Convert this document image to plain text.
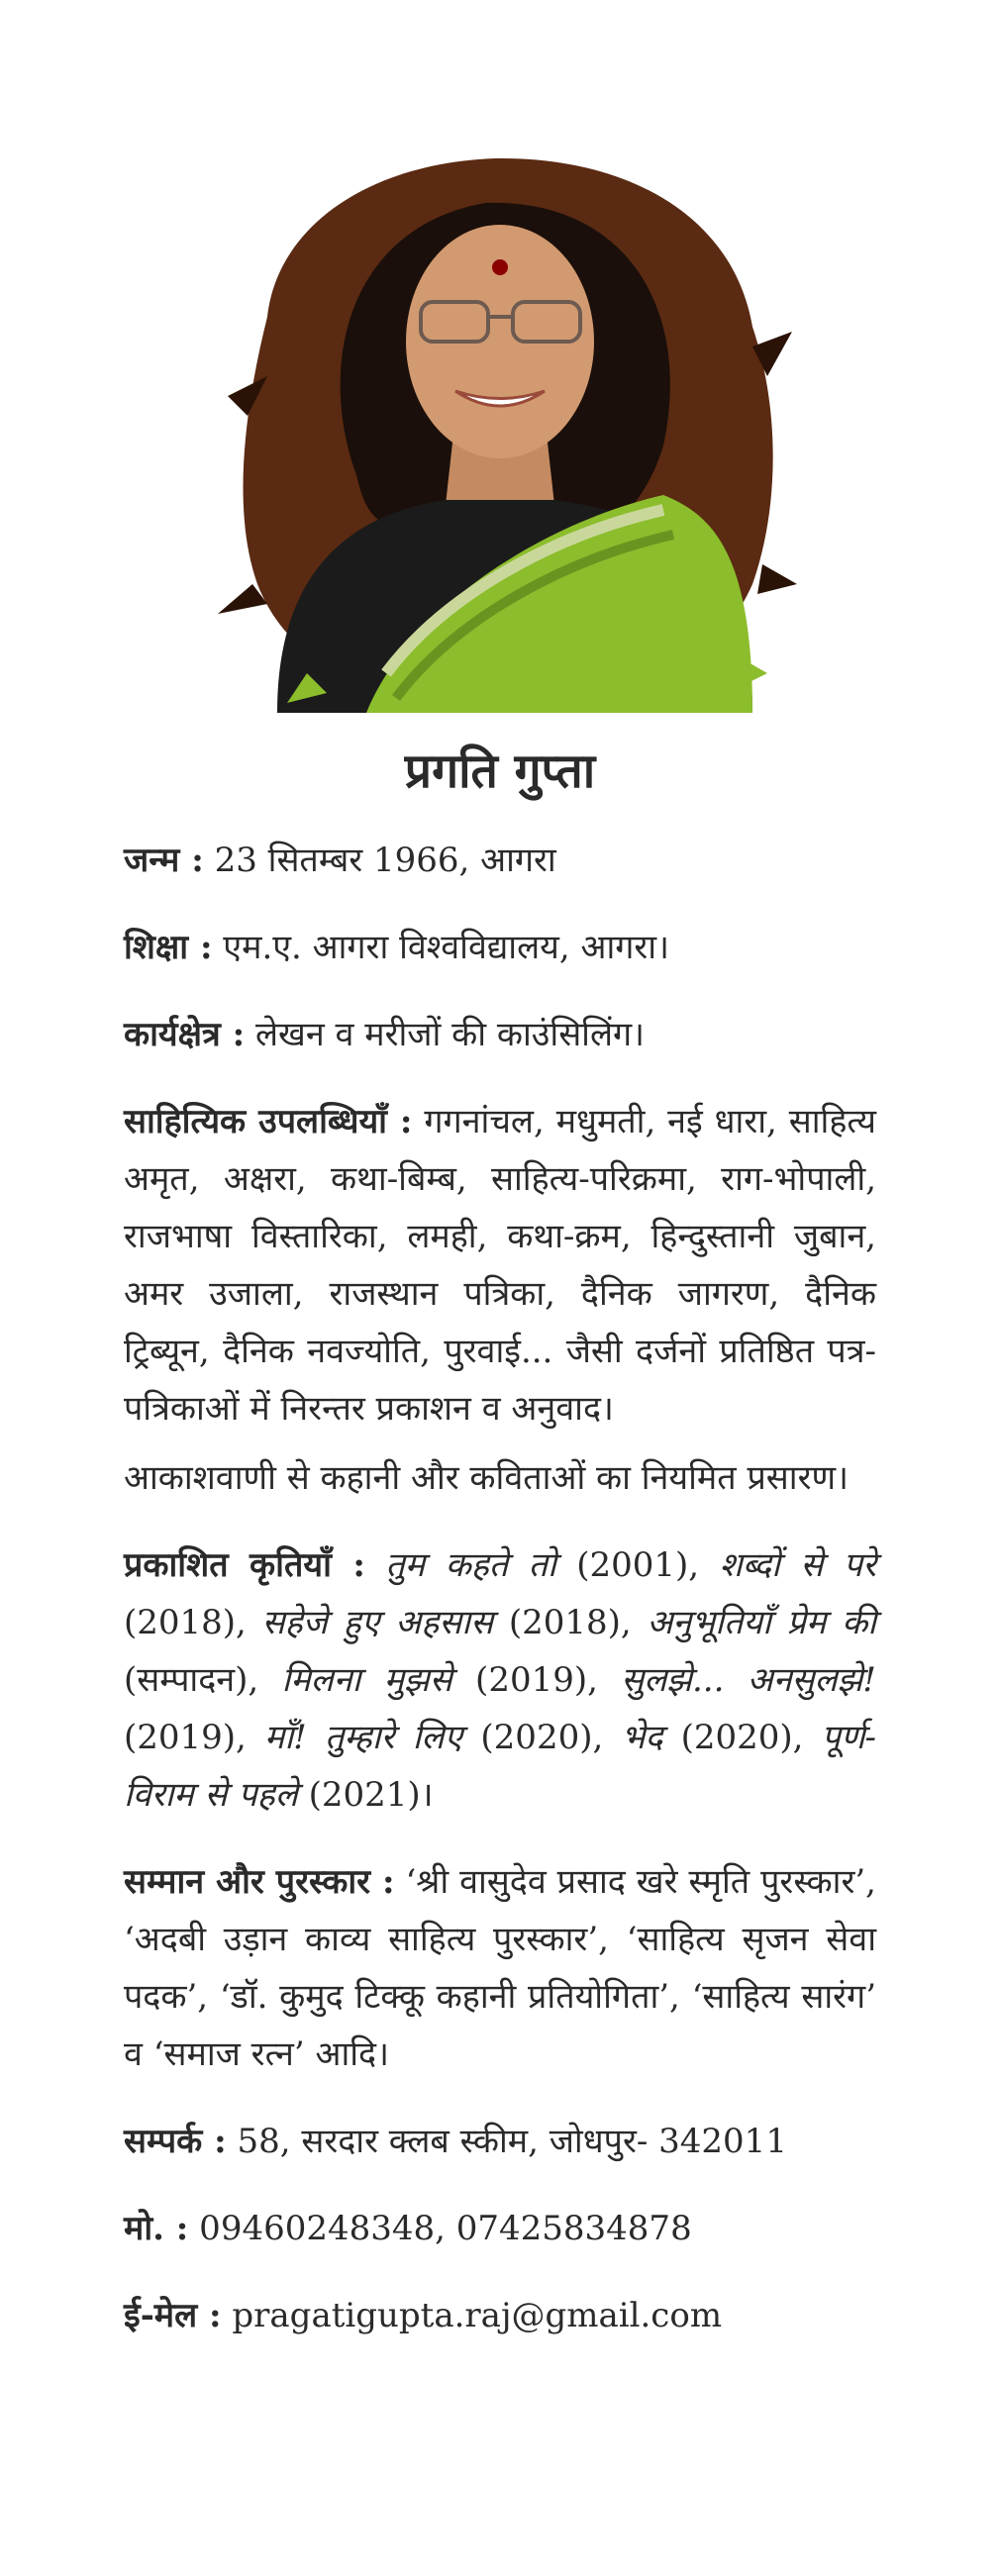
प्रगति गुप्ता

जन्म : 23 सितम्बर 1966, आगरा

शिक्षा : एम.ए. आगरा विश्वविद्यालय, आगरा।

कार्यक्षेत्र : लेखन व मरीजों की काउंसिलिंग।

साहित्यिक उपलब्धियाँ : गगनांचल, मधुमती, नई धारा, साहित्य अमृत, अक्षरा, कथा-बिम्ब, साहित्य-परिक्रमा, राग-भोपाली, राजभाषा विस्तारिका, लमही, कथा-क्रम, हिन्दुस्तानी जुबान, अमर उजाला, राजस्थान पत्रिका, दैनिक जागरण, दैनिक ट्रिब्यून, दैनिक नवज्योति, पुरवाई... जैसी दर्जनों प्रतिष्ठित पत्र-पत्रिकाओं में निरन्तर प्रकाशन व अनुवाद।

आकाशवाणी से कहानी और कविताओं का नियमित प्रसारण।

प्रकाशित कृतियाँ : तुम कहते तो (2001), शब्दों से परे (2018), सहेजे हुए अहसास (2018), अनुभूतियाँ प्रेम की (सम्पादन), मिलना मुझसे (2019), सुलझे... अनसुलझे! (2019), माँ! तुम्हारे लिए (2020), भेद (2020), पूर्ण-विराम से पहले (2021)।

सम्मान और पुरस्कार : ‘श्री वासुदेव प्रसाद खरे स्मृति पुरस्कार’, ‘अदबी उड़ान काव्य साहित्य पुरस्कार’, ‘साहित्य सृजन सेवा पदक’, ‘डॉ. कुमुद टिक्कू कहानी प्रतियोगिता’, ‘साहित्य सारंग’ व ‘समाज रत्न’ आदि।

सम्पर्क : 58, सरदार क्लब स्कीम, जोधपुर- 342011

मो. : 09460248348, 07425834878

ई-मेल : pragatigupta.raj@gmail.com
